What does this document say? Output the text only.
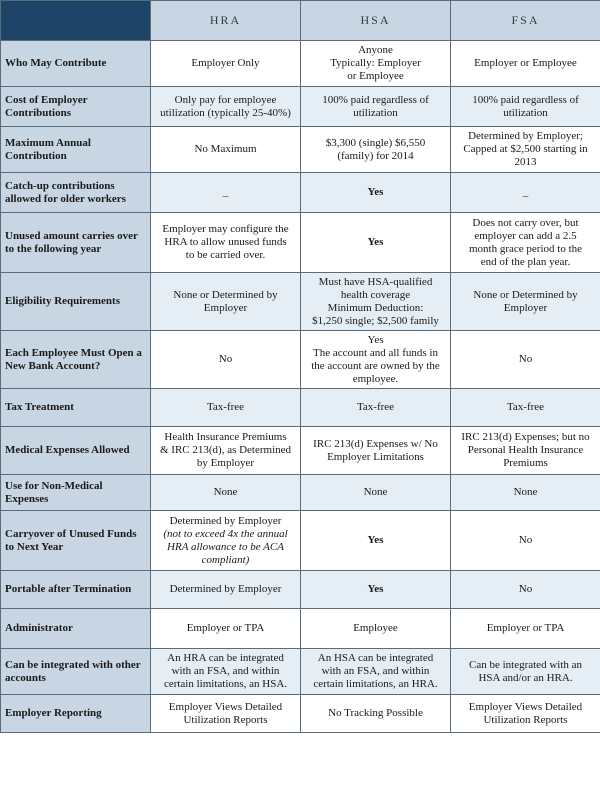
	HRA	HSA	FSA
Who May Contribute	Employer Only	Anyone
Typically: Employer
or Employee	Employer or Employee

Cost of Employer Contributions	Only pay for employee
utilization (typically 25-40%)	100% paid regardless of
utilization	100% paid regardless of
utilization

Maximum Annual Contribution	No Maximum	$3,300 (single) $6,550
(family) for 2014	Determined by Employer;
Capped at $2,500 starting in
2013

Catch-up contributions allowed for older workers	_	Yes	_

Unused amount carries over to the following year	Employer may configure the
HRA to allow unused funds
to be carried over.	Yes	Does not carry over, but
employer can add a 2.5
month grace period to the
end of the plan year.

Eligibility Requirements	None or Determined by
Employer	Must have HSA-qualified
health coverage
Minimum Deduction:
$1,250 single; $2,500 family	None or Determined by
Employer

Each Employee Must Open a New Bank Account?	No	Yes
The account and all funds in
the account are owned by the
employee.	No

Tax Treatment	Tax-free	Tax-free	Tax-free

Medical Expenses Allowed	Health Insurance Premiums
& IRC 213(d), as Determined
by Employer	IRC 213(d) Expenses w/ No
Employer Limitations	IRC 213(d) Expenses; but no
Personal Health Insurance
Premiums

Use for Non-Medical Expenses	None	None	None

Carryover of Unused Funds to Next Year	Determined by Employer
(not to exceed 4x the annual
HRA allowance to be ACA
compliant)	Yes	No

Portable after Termination	Determined by Employer	Yes	No

Administrator	Employer or TPA	Employee	Employer or TPA

Can be integrated with other accounts	An HRA can be integrated
with an FSA, and within
certain limitations, an HSA.	An HSA can be integrated
with an FSA, and within
certain limitations, an HRA.	Can be integrated with an
HSA and/or an HRA.

Employer Reporting	Employer Views Detailed
Utilization Reports	No Tracking Possible	Employer Views Detailed
Utilization Reports
